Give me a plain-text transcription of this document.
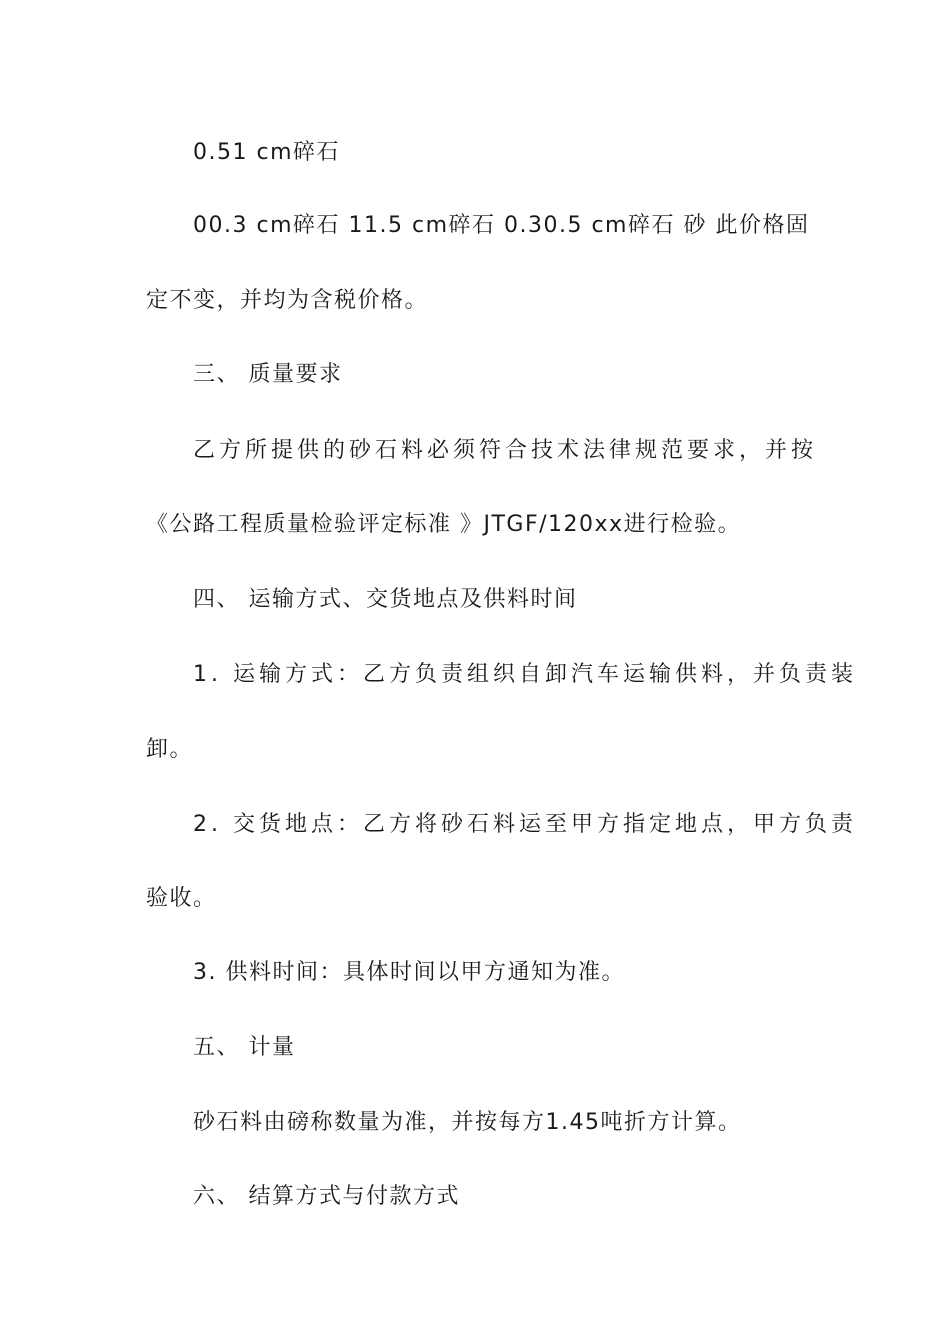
0.51 cm碎石
00.3 cm碎石 11.5 cm碎石 0.30.5 cm碎石 砂 此价格固
定不变，并均为含税价格。
三、 质量要求
乙方所提供的砂石料必须符合技术法律规范要求，并按
《公路工程质量检验评定标准 》JTGF/120xx进行检验。
四、 运输方式、交货地点及供料时间
1. 运输方式：乙方负责组织自卸汽车运输供料，并负责装
卸。
2. 交货地点：乙方将砂石料运至甲方指定地点，甲方负责
验收。
3. 供料时间：具体时间以甲方通知为准。
五、 计量
砂石料由磅称数量为准，并按每方1.45吨折方计算。
六、 结算方式与付款方式
